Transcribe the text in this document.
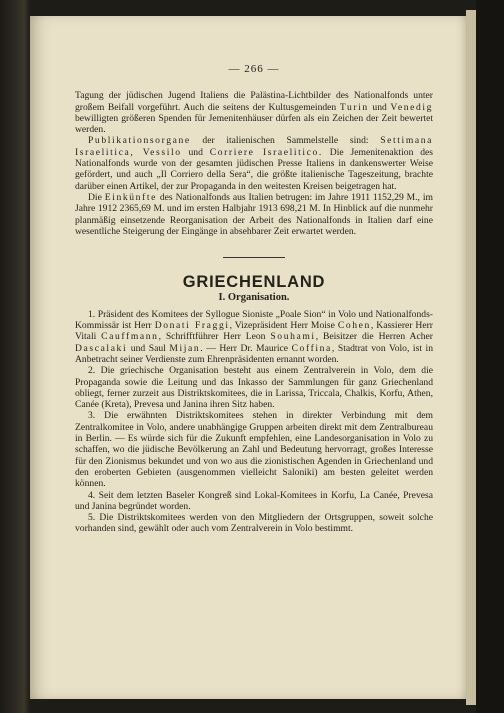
— 266 —

Tagung der jüdischen Jugend Italiens die Palästina-Lichtbilder des Nationalfonds unter großem Beifall vorgeführt. Auch die seitens der Kultusgemeinden Turin und Venedig bewilligten größeren Spenden für Jemenitenhäuser dürfen als ein Zeichen der Zeit bewertet werden.

Publikationsorgane der italienischen Sammelstelle sind: Settimana Israelitica, Vessilo und Corriere Israelitico. Die Jemenitenaktion des Nationalfonds wurde von der gesamten jüdischen Presse Italiens in dankenswerter Weise gefördert, und auch „Il Corriero della Sera“, die größte italienische Tageszeitung, brachte darüber einen Artikel, der zur Propaganda in den weitesten Kreisen beigetragen hat.

Die Einkünfte des Nationalfonds aus Italien betrugen: im Jahre 1911 1152,29 M., im Jahre 1912 2365,69 M. und im ersten Halbjahr 1913 698,21 M. In Hinblick auf die nunmehr planmäßig einsetzende Reorganisation der Arbeit des Nationalfonds in Italien darf eine wesentliche Steigerung der Eingänge in absehbarer Zeit erwartet werden.

GRIECHENLAND
I. Organisation.

1. Präsident des Komitees der Syllogue Sioniste „Poale Sion“ in Volo und Nationalfonds-Kommissär ist Herr Donati Fraggi, Vizepräsident Herr Moise Cohen, Kassierer Herr Vitali Cauffmann, Schrifftführer Herr Leon Souhami, Beisitzer die Herren Acher Dascalaki und Saul Mijan. — Herr Dr. Maurice Coffina, Stadtrat von Volo, ist in Anbetracht seiner Verdienste zum Ehrenpräsidenten ernannt worden.

2. Die griechische Organisation besteht aus einem Zentralverein in Volo, dem die Propaganda sowie die Leitung und das Inkasso der Sammlungen für ganz Griechenland obliegt, ferner zurzeit aus Distriktskomitees, die in Larissa, Triccala, Chalkis, Korfu, Athen, Canée (Kreta), Prevesa und Janina ihren Sitz haben.

3. Die erwähnten Distriktskomitees stehen in direkter Verbindung mit dem Zentralkomitee in Volo, andere unabhängige Gruppen arbeiten direkt mit dem Zentralbureau in Berlin. — Es würde sich für die Zukunft empfehlen, eine Landesorganisation in Volo zu schaffen, wo die jüdische Bevölkerung an Zahl und Bedeutung hervorragt, großes Interesse für den Zionismus bekundet und von wo aus die zionistischen Agenden in Griechenland und den eroberten Gebieten (ausgenommen vielleicht Saloniki) am besten geleitet werden können.

4. Seit dem letzten Baseler Kongreß sind Lokal-Komitees in Korfu, La Canée, Prevesa und Janina begründet worden.

5. Die Distriktskomitees werden von den Mitgliedern der Ortsgruppen, soweit solche vorhanden sind, gewählt oder auch vom Zentralverein in Volo bestimmt.
